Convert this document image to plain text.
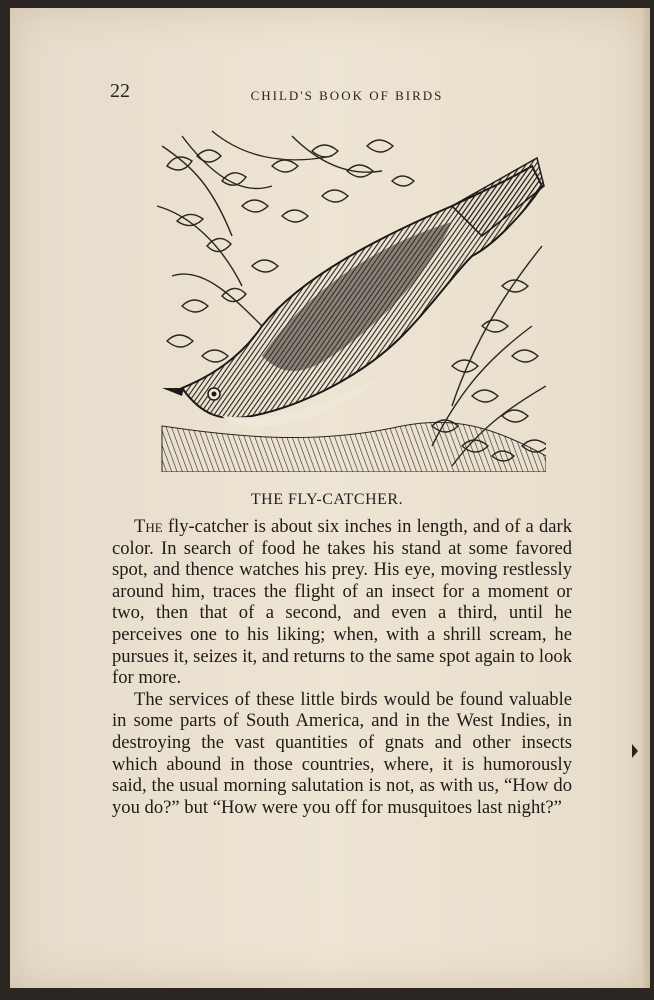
22	CHILD'S BOOK OF BIRDS
THE FLY-CATCHER.

The fly-catcher is about six inches in length, and of a dark color. In search of food he takes his stand at some favored spot, and thence watches his prey. His eye, moving restlessly around him, traces the flight of an insect for a moment or two, then that of a second, and even a third, until he perceives one to his liking; when, with a shrill scream, he pursues it, seizes it, and returns to the same spot again to look for more.

The services of these little birds would be found valuable in some parts of South America, and in the West Indies, in destroying the vast quantities of gnats and other insects which abound in those countries, where, it is humorously said, the usual morning salutation is not, as with us, “How do you do?” but “How were you off for musquitoes last night?”
